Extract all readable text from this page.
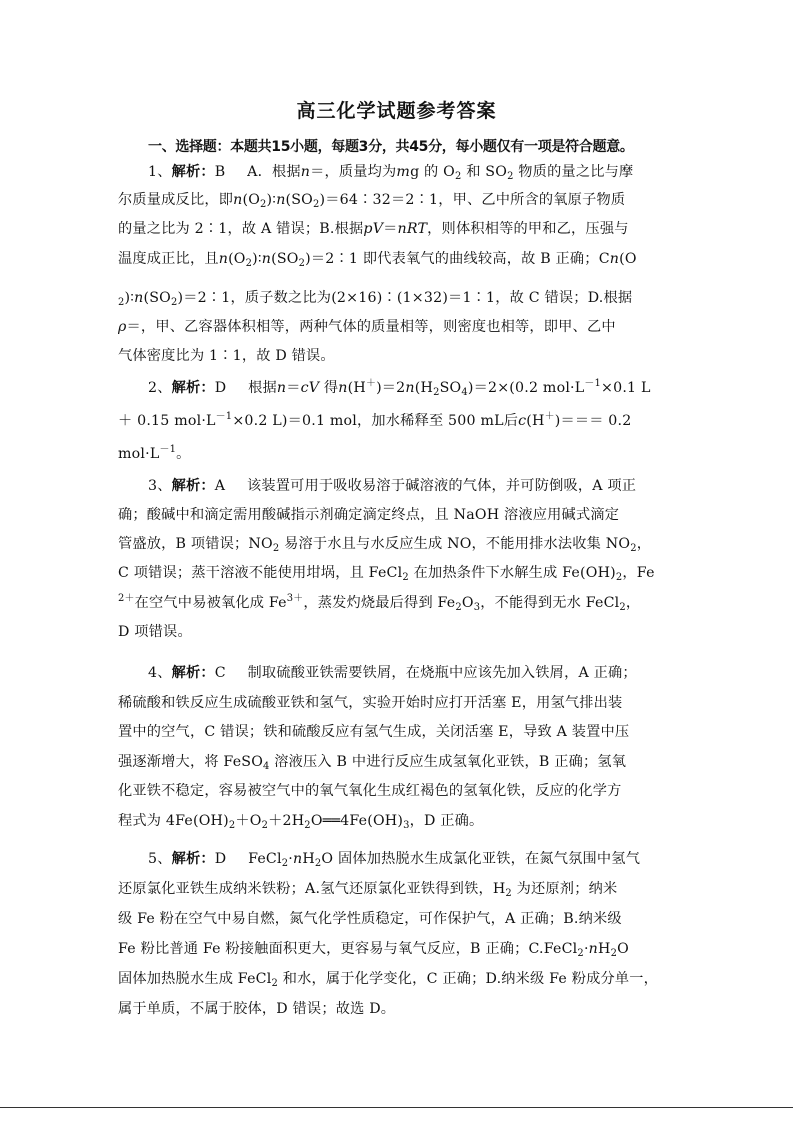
高三化学试题参考答案
一、选择题：本题共15小题，每题3分，共45分，每小题仅有一项是符合题意。
1、解析：B   A．根据n＝，质量均为mg 的 $O_2$ 和 $SO_2$ 物质的量之比与摩
尔质量成反比，即$n(O_2)∶n(SO_2)=64∶32=2∶1$，甲、乙中所含的氧原子物质
的量之比为 2∶1，故 A 错误；B.根据pV＝nRT，则体积相等的甲和乙，压强与
温度成正比，且$n(O_2)∶n(SO_2)=2∶1$ 即代表氧气的曲线较高，故 B 正确；Cn(O
$_2)∶n(SO_2)=2∶1$，质子数之比为(2×16)∶(1×32)＝1∶1，故 C 错误；D.根据
ρ＝，甲、乙容器体积相等，两种气体的质量相等，则密度也相等，即甲、乙中
气体密度比为 1∶1，故 D 错误。
2、解析：D   根据n＝cV 得$n(H^+)=2n(H_2SO_4)=2\times(0.2$ $mol\cdot L^{-1}\times 0.1$ L
＋ 0.15 $mol\cdot L^{-1}\times 0.2$ L)＝0.1 mol，加水稀释至 500 mL后c(H＋)＝＝＝ 0.2
$mol\cdot L^{-1}$。
3、解析：A   该装置可用于吸收易溶于碱溶液的气体，并可防倒吸，A 项正
确；酸碱中和滴定需用酸碱指示剂确定滴定终点，且 NaOH 溶液应用碱式滴定
管盛放，B 项错误；$NO_2$ 易溶于水且与水反应生成 NO，不能用排水法收集 $NO_2$，
C 项错误；蒸干溶液不能使用坩埚，且 FeCl$_2$ 在加热条件下水解生成 $Fe(OH)_2$，Fe
$^{2+}$在空气中易被氧化成 $Fe^{3+}$，蒸发灼烧最后得到 $Fe_2O_3$，不能得到无水 FeCl$_2$，
D 项错误。
4、解析：C   制取硫酸亚铁需要铁屑，在烧瓶中应该先加入铁屑，A 正确；
稀硫酸和铁反应生成硫酸亚铁和氢气，实验开始时应打开活塞 E，用氢气排出装
置中的空气，C 错误；铁和硫酸反应有氢气生成，关闭活塞 E，导致 A 装置中压
强逐渐增大，将 FeSO$_4$ 溶液压入 B 中进行反应生成氢氧化亚铁，B 正确；氢氧
化亚铁不稳定，容易被空气中的氧气氧化生成红褐色的氢氧化铁，反应的化学方
程式为 $4Fe(OH)_2+O_2+2H_2O══4Fe(OH)_3$，D 正确。
5、解析：D   $FeCl_2\cdot nH_2O$ 固体加热脱水生成氯化亚铁，在氮气氛围中氢气
还原氯化亚铁生成纳米铁粉；A.氢气还原氯化亚铁得到铁，$H_2$ 为还原剂；纳米
级 Fe 粉在空气中易自燃，氮气化学性质稳定，可作保护气，A 正确；B.纳米级
Fe 粉比普通 Fe 粉接触面积更大，更容易与氧气反应，B 正确；$C.FeCl_2\cdot nH_2O$
固体加热脱水生成 FeCl$_2$ 和水，属于化学变化，C 正确；D.纳米级 Fe 粉成分单一，
属于单质，不属于胶体，D 错误；故选 D。
